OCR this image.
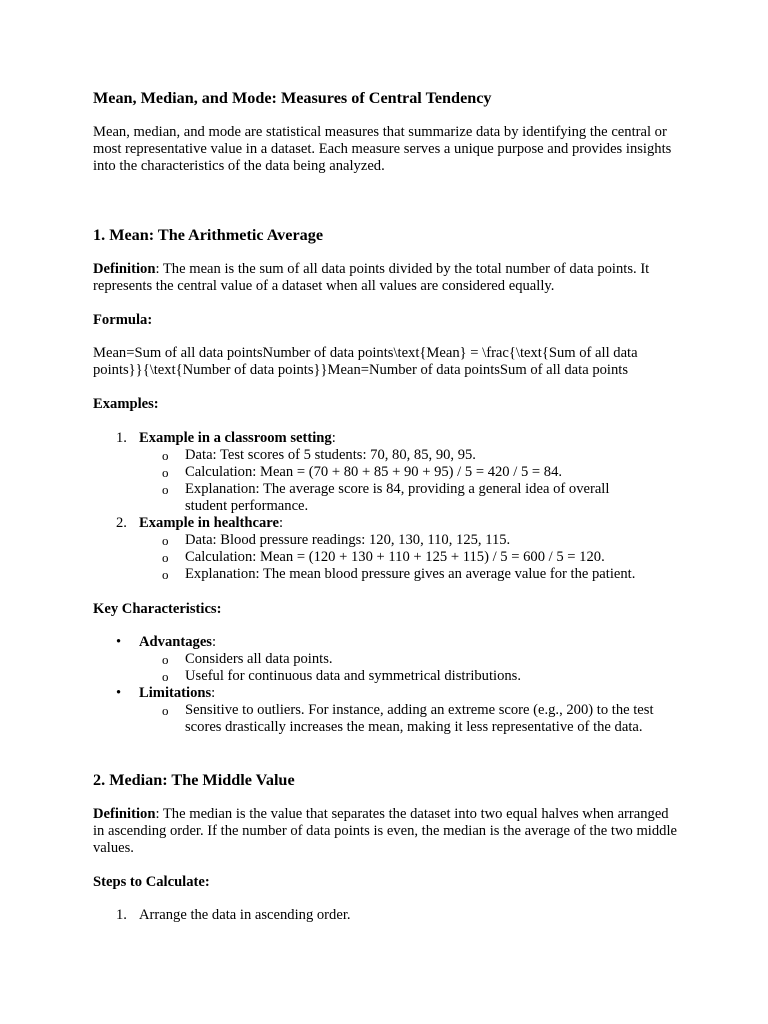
Mean, Median, and Mode: Measures of Central Tendency

Mean, median, and mode are statistical measures that summarize data by identifying the central or most representative value in a dataset. Each measure serves a unique purpose and provides insights into the characteristics of the data being analyzed.

1. Mean: The Arithmetic Average

Definition: The mean is the sum of all data points divided by the total number of data points. It represents the central value of a dataset when all values are considered equally.

Formula:

Mean=Sum of all data pointsNumber of data points\text{Mean} = \frac{\text{Sum of all data points}}{\text{Number of data points}}Mean=Number of data pointsSum of all data points

Examples:
1. Example in a classroom setting:
o	Data: Test scores of 5 students: 70, 80, 85, 90, 95.
o	Calculation: Mean = (70 + 80 + 85 + 90 + 95) / 5 = 420 / 5 = 84.
o	Explanation: The average score is 84, providing a general idea of overall student performance.
2. Example in healthcare:
o	Data: Blood pressure readings: 120, 130, 110, 125, 115.
o	Calculation: Mean = (120 + 130 + 110 + 125 + 115) / 5 = 600 / 5 = 120.
o	Explanation: The mean blood pressure gives an average value for the patient.
Key Characteristics:
•	Advantages:
o	Considers all data points.
o	Useful for continuous data and symmetrical distributions.
•	Limitations:
o	Sensitive to outliers. For instance, adding an extreme score (e.g., 200) to the test scores drastically increases the mean, making it less representative of the data.
2. Median: The Middle Value

Definition: The median is the value that separates the dataset into two equal halves when arranged in ascending order. If the number of data points is even, the median is the average of the two middle values.

Steps to Calculate:
1. Arrange the data in ascending order.
